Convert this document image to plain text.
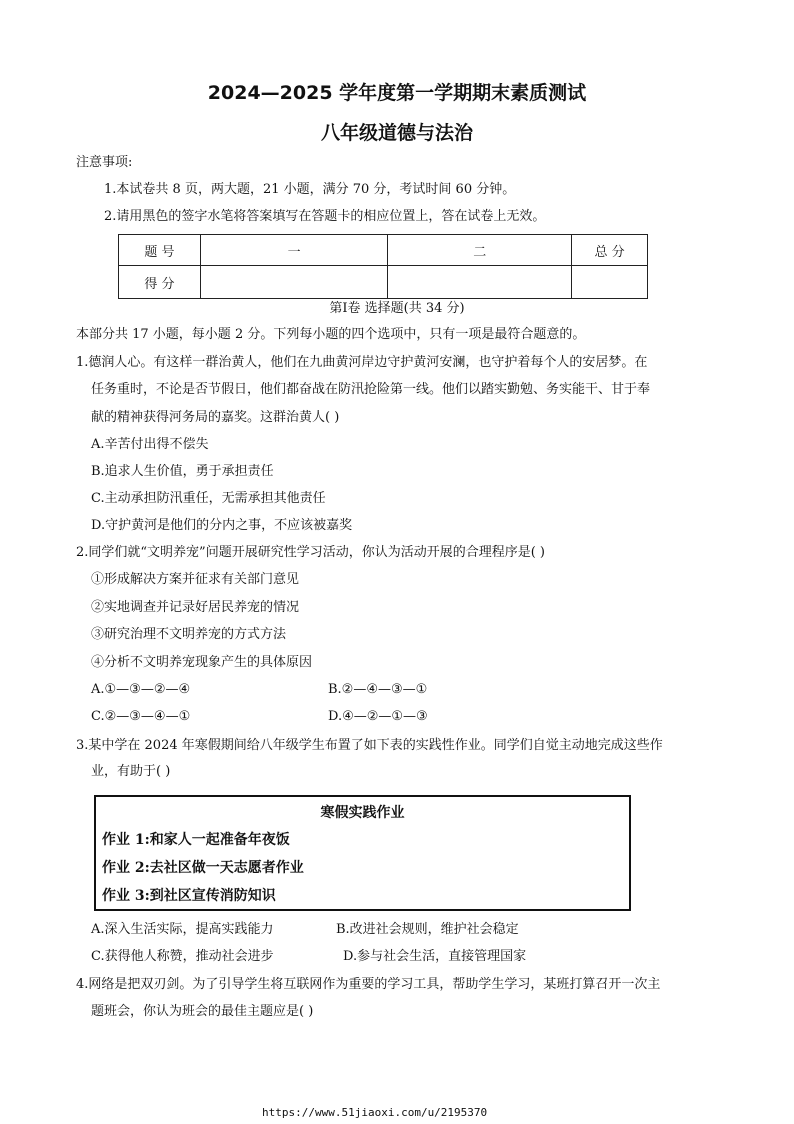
2024—2025 学年度第一学期期末素质测试
八年级道德与法治
注意事项:
1.本试卷共 8 页，两大题，21 小题，满分 70 分，考试时间 60 分钟。
2.请用黑色的签字水笔将答案填写在答题卡的相应位置上，答在试卷上无效。
题 号	一	二	总 分
得 分			
第Ⅰ卷 选择题(共 34 分)
本部分共 17 小题，每小题 2 分。下列每小题的四个选项中，只有一项是最符合题意的。
1.德润人心。有这样一群治黄人，他们在九曲黄河岸边守护黄河安澜，也守护着每个人的安居梦。在
任务重时，不论是否节假日，他们都奋战在防汛抢险第一线。他们以踏实勤勉、务实能干、甘于奉
献的精神获得河务局的嘉奖。这群治黄人( )
A.辛苦付出得不偿失
B.追求人生价值，勇于承担责任
C.主动承担防汛重任，无需承担其他责任
D.守护黄河是他们的分内之事，不应该被嘉奖
2.同学们就“文明养宠”问题开展研究性学习活动，你认为活动开展的合理程序是( )
①形成解决方案并征求有关部门意见
②实地调查并记录好居民养宠的情况
③研究治理不文明养宠的方式方法
④分析不文明养宠现象产生的具体原因
A.①—③—②—④	B.②—④—③—①
C.②—③—④—①	D.④—②—①—③
3.某中学在 2024 年寒假期间给八年级学生布置了如下表的实践性作业。同学们自觉主动地完成这些作
业，有助于( )
寒假实践作业
作业 1:和家人一起准备年夜饭
作业 2:去社区做一天志愿者作业
作业 3:到社区宣传消防知识
A.深入生活实际，提高实践能力	B.改进社会规则，维护社会稳定
C.获得他人称赞，推动社会进步	D.参与社会生活，直接管理国家
4.网络是把双刃剑。为了引导学生将互联网作为重要的学习工具，帮助学生学习，某班打算召开一次主
题班会，你认为班会的最佳主题应是( )
https://www.51jiaoxi.com/u/2195370
